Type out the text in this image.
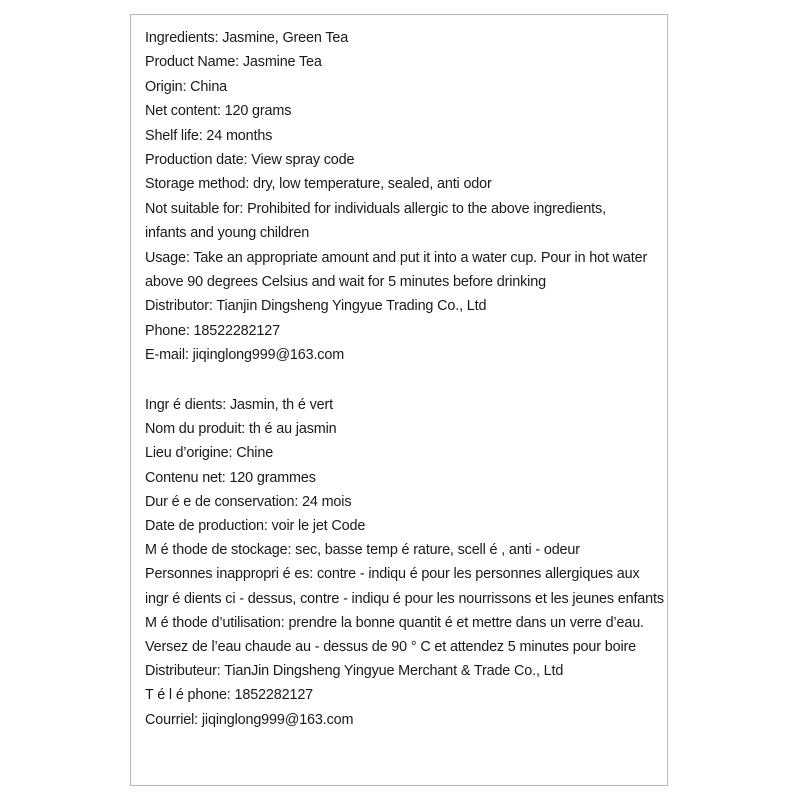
Ingredients: Jasmine, Green Tea
Product Name: Jasmine Tea
Origin: China
Net content: 120 grams
Shelf life: 24 months
Production date: View spray code
Storage method: dry, low temperature, sealed, anti odor
Not suitable for: Prohibited for individuals allergic to the above ingredients,
infants and young children
Usage: Take an appropriate amount and put it into a water cup. Pour in hot water
above 90 degrees Celsius and wait for 5 minutes before drinking
Distributor: Tianjin Dingsheng Yingyue Trading Co., Ltd
Phone: 18522282127
E-mail: jiqinglong999@163.com
Ingr é dients: Jasmin, th é vert
Nom du produit: th é au jasmin
Lieu d’origine: Chine
Contenu net: 120 grammes
Dur é e de conservation: 24 mois
Date de production: voir le jet Code
M é thode de stockage: sec, basse temp é rature, scell é , anti - odeur
Personnes inappropri é es: contre - indiqu é pour les personnes allergiques aux
ingr é dients ci - dessus, contre - indiqu é pour les nourrissons et les jeunes enfants
M é thode d’utilisation: prendre la bonne quantit é et mettre dans un verre d’eau.
Versez de l’eau chaude au - dessus de 90 ° C et attendez 5 minutes pour boire
Distributeur: TianJin Dingsheng Yingyue Merchant & Trade Co., Ltd
T é l é phone: 1852282127
Courriel: jiqinglong999@163.com
